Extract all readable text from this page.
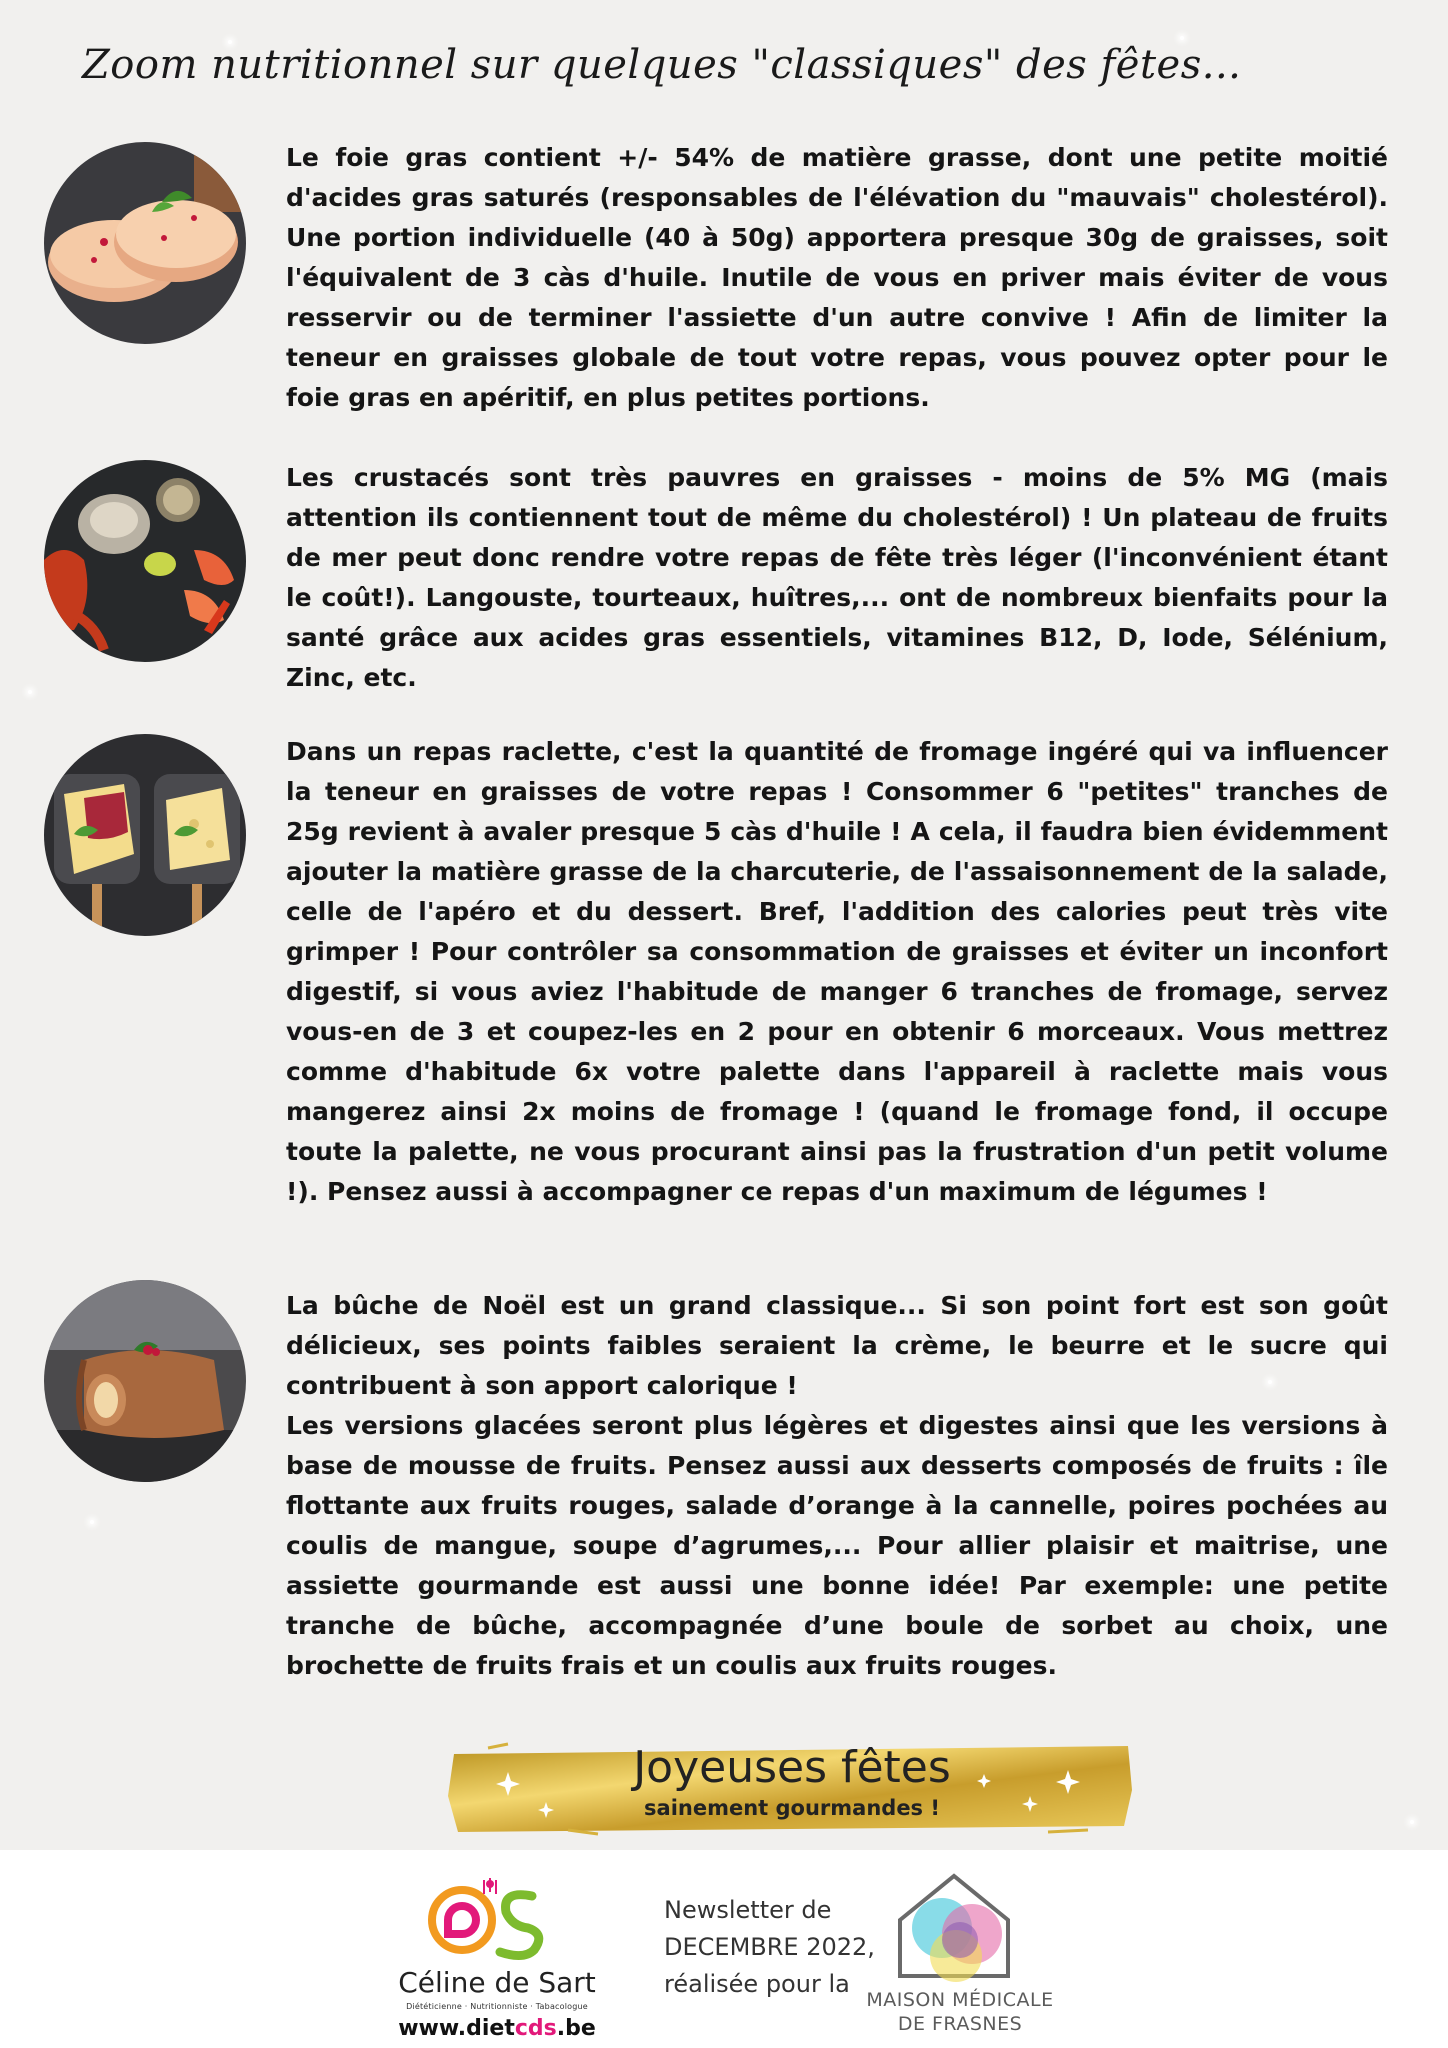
Zoom nutritionnel sur quelques "classiques" des fêtes...

Le foie gras contient +/- 54% de matière grasse, dont une petite moitié d'acides gras saturés (responsables de l'élévation du "mauvais" cholestérol). Une portion individuelle (40 à 50g) apportera presque 30g de graisses, soit l'équivalent de 3 càs d'huile. Inutile de vous en priver mais éviter de vous resservir ou de terminer l'assiette d'un autre convive ! Afin de limiter la teneur en graisses globale de tout votre repas, vous pouvez opter pour le foie gras en apéritif, en plus petites portions.

Les crustacés sont très pauvres en graisses - moins de 5% MG (mais attention ils contiennent tout de même du cholestérol) ! Un plateau de fruits de mer peut donc rendre votre repas de fête très léger (l'inconvénient étant le coût!). Langouste, tourteaux, huîtres,... ont de nombreux bienfaits pour la santé grâce aux acides gras essentiels, vitamines B12, D, Iode, Sélénium, Zinc, etc.

Dans un repas raclette, c'est la quantité de fromage ingéré qui va influencer la teneur en graisses de votre repas ! Consommer 6 "petites" tranches de 25g revient à avaler presque 5 càs d'huile ! A cela, il faudra bien évidemment ajouter la matière grasse de la charcuterie, de l'assaisonnement de la salade, celle de l'apéro et du dessert. Bref, l'addition des calories peut très vite grimper ! Pour contrôler sa consommation de graisses et éviter un inconfort digestif, si vous aviez l'habitude de manger 6 tranches de fromage, servez vous-en de 3 et coupez-les en 2 pour en obtenir 6 morceaux. Vous mettrez comme d'habitude 6x votre palette dans l'appareil à raclette mais vous mangerez ainsi 2x moins de fromage ! (quand le fromage fond, il occupe toute la palette, ne vous procurant ainsi pas la frustration d'un petit volume !). Pensez aussi à accompagner ce repas d'un maximum de légumes !

La bûche de Noël est un grand classique... Si son point fort est son goût délicieux, ses points faibles seraient la crème, le beurre et le sucre qui contribuent à son apport calorique !

Les versions glacées seront plus légères et digestes ainsi que les versions à base de mousse de fruits. Pensez aussi aux desserts composés de fruits : île flottante aux fruits rouges, salade d’orange à la cannelle, poires pochées au coulis de mangue, soupe d’agrumes,... Pour allier plaisir et maitrise, une assiette gourmande est aussi une bonne idée! Par exemple: une petite tranche de bûche, accompagnée d’une boule de sorbet au choix, une brochette de fruits frais et un coulis aux fruits rouges.

Joyeuses fêtes
sainement gourmandes !
Céline de Sart
Diététicienne · Nutritionniste · Tabacologue
www.dietcds.be
Newsletter de
DECEMBRE 2022,
réalisée pour la
MAISON MÉDICALE
DE FRASNES
